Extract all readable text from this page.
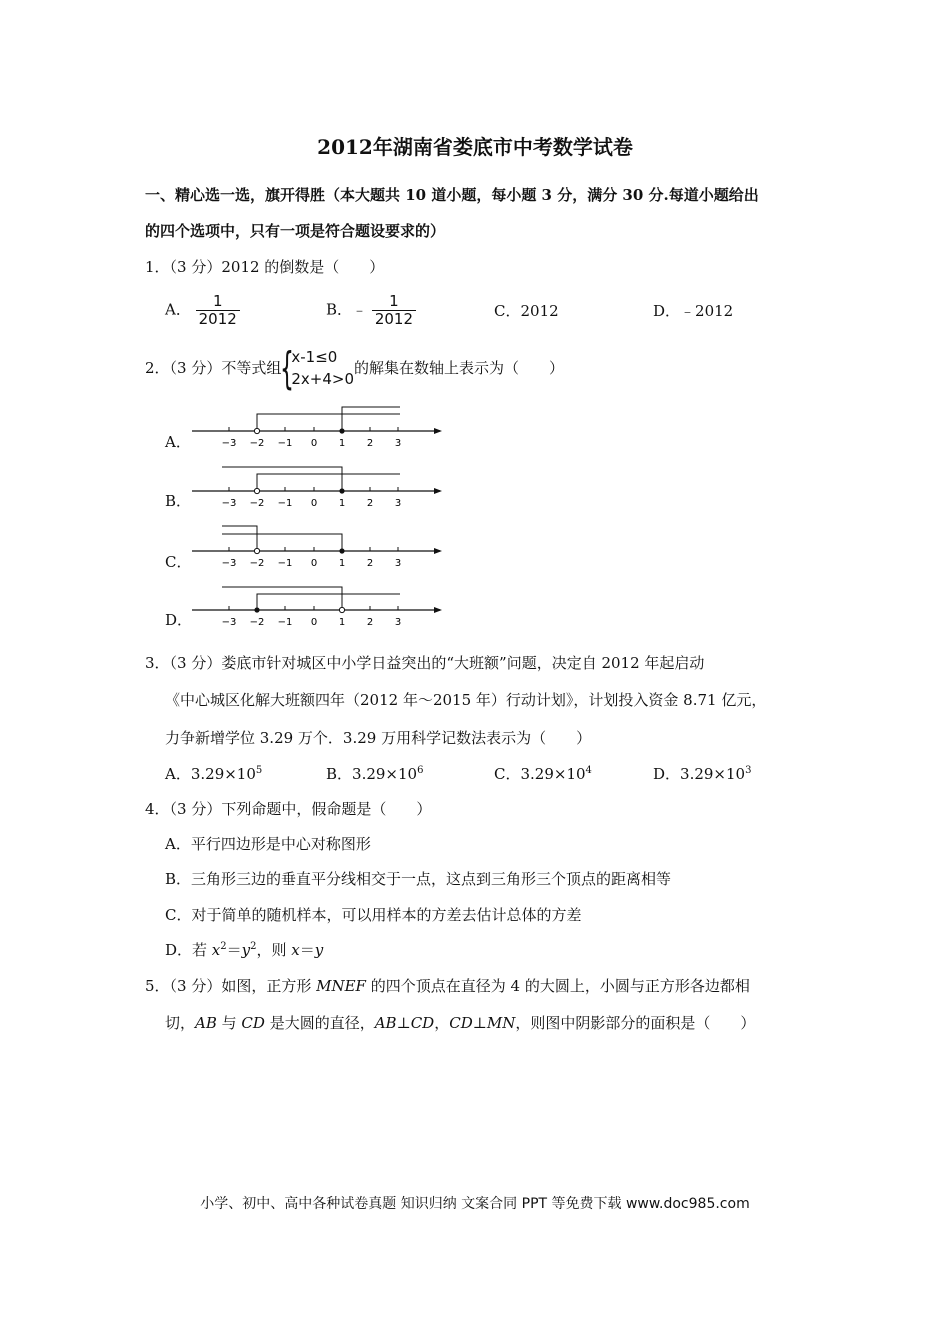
2012年湖南省娄底市中考数学试卷
一、精心选一选，旗开得胜（本大题共 10 道小题，每小题 3 分，满分 30 分.每道小题给出
的四个选项中，只有一项是符合题设要求的）
1．（3 分）2012 的倒数是（　　）
A． $\frac{1}{2012}$	B．﹣ $\frac{1}{2012}$	C．2012	D．﹣2012
2．（3 分）不等式组 {
x-1≤0
2x+4>0
的解集在数轴上表示为（　　）
A．
B．
C．
D．
−3 −2 −1 0 1 2 3
−3 −2 −1 0 1 2 3
−3 −2 −1 0 1 2 3
−3 −2 −1 0 1 2 3
3．（3 分）娄底市针对城区中小学日益突出的“大班额”问题，决定自 2012 年起启动
《中心城区化解大班额四年（2012 年～2015 年）行动计划》，计划投入资金 8.71 亿元，
力争新增学位 3.29 万个．3.29 万用科学记数法表示为（　　）
A．$3.29\times 10^5$	B．$3.29\times 10^6$	C．$3.29\times 10^4$	D．$3.29\times 10^3$
4．（3 分）下列命题中，假命题是（　　）
A．平行四边形是中心对称图形
B．三角形三边的垂直平分线相交于一点，这点到三角形三个顶点的距离相等
C．对于简单的随机样本，可以用样本的方差去估计总体的方差
D．若 $x^2=y^2$，则 x＝y
5．（3 分）如图，正方形 MNEF 的四个顶点在直径为 4 的大圆上，小圆与正方形各边都相
切，AB 与 CD 是大圆的直径，AB⊥CD，CD⊥MN，则图中阴影部分的面积是（　　）
小学、初中、高中各种试卷真题 知识归纳 文案合同 PPT 等免费下载 www.doc985.com
